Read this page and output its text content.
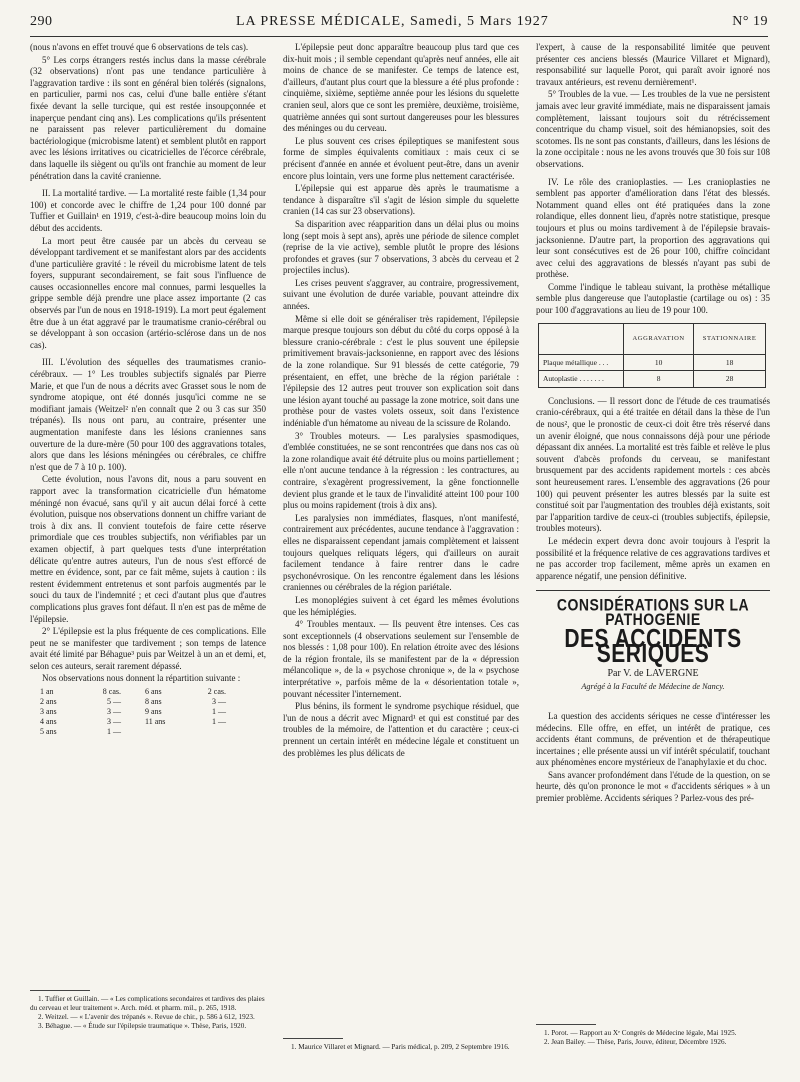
290	LA PRESSE MÉDICALE, Samedi, 5 Mars 1927	N° 19

(nous n'avons en effet trouvé que 6 observations de tels cas).

5° Les corps étrangers restés inclus dans la masse cérébrale (32 observations) n'ont pas une tendance particulière à l'aggravation tardive : ils sont en général bien tolérés (signalons, en particulier, parmi nos cas, celui d'une balle entière s'étant fixée devant la selle turcique, qui est restée insoupçonnée et inaperçue pendant cinq ans). Les complications qu'ils présentent ne paraissent pas relever particulièrement du domaine bactériologique (microbisme latent) et semblent plutôt en rapport avec les lésions irritatives ou cicatricielles de l'écorce cérébrale, dans laquelle ils siègent ou qu'ils ont franchie au moment de leur pénétration dans la cavité cranienne.

II. La mortalité tardive. — La mortalité reste faible (1,34 pour 100) et concorde avec le chiffre de 1,24 pour 100 donné par Tuffier et Guillain¹ en 1919, c'est-à-dire beaucoup moins loin du début des accidents.

La mort peut être causée par un abcès du cerveau se développant tardivement et se manifestant alors par des accidents d'une particulière gravité : le réveil du microbisme latent de tels foyers, suppurant secondairement, se fait sous l'influence de causes occasionnelles encore mal connues, parmi lesquelles la grippe semble déjà prendre une place assez importante (2 cas observés par l'un de nous en 1918-1919). La mort peut également être due à un état aggravé par le traumatisme cranio-cérébral ou se développant à son occasion (artério-sclérose dans un de nos cas).

III. L'évolution des séquelles des traumatismes cranio-cérébraux. — 1° Les troubles subjectifs signalés par Pierre Marie, et que l'un de nous a décrits avec Grasset sous le nom de syndrome atopique, ont été donnés jusqu'ici comme ne se modifiant jamais (Weitzel² n'en connaît que 2 ou 3 cas sur 350 trépanés). Ils nous ont paru, au contraire, présenter une augmentation manifeste dans les lésions craniennes sans ouverture de la dure-mère (50 pour 100 des aggravations totales, alors que dans les lésions méningées ou cérébrales, ce chiffre n'est que de 7 à 10 p. 100).

Cette évolution, nous l'avons dit, nous a paru souvent en rapport avec la transformation cicatricielle d'un hématome méningé non évacué, sans qu'il y ait aucun délai forcé à cette évolution, puisque nos observations donnent un chiffre variant de trois à dix ans. Il convient toutefois de faire cette réserve primordiale que ces troubles subjectifs, non vérifiables par un examen objectif, à part quelques tests d'une interprétation délicate qu'entre autres auteurs, l'un de nous s'est efforcé de mettre en évidence, sont, par ce fait même, sujets à caution : ils restent évidemment entretenus et sont parfois augmentés par le souci du taux de l'indemnité ; et ceci d'autant plus que d'autres complications plus graves font défaut. Il n'en est pas de même de l'épilepsie.

2° L'épilepsie est la plus fréquente de ces complications. Elle peut ne se manifester que tardivement ; son temps de latence avait été limité par Béhague³ puis par Weitzel à un an et demi, et, selon ces auteurs, serait rarement dépassé.

Nos observations nous donnent la répartition suivante :

1 an	8 cas.
2 ans	5 —
3 ans	3 —
4 ans	3 —
5 ans	1 —
6 ans	2 cas.
8 ans	3 —
9 ans	1 —
11 ans	1 —
1. Tuffier et Guillain. — « Les complications secondaires et tardives des plaies du cerveau et leur traitement ». Arch. méd. et pharm. mil., p. 265, 1918.
2. Weitzel. — « L'avenir des trépanés ». Revue de chir., p. 586 à 612, 1923.
3. Béhague. — « Étude sur l'épilepsie traumatique ». Thèse, Paris, 1920.

L'épilepsie peut donc apparaître beaucoup plus tard que ces dix-huit mois ; il semble cependant qu'après neuf années, elle ait moins de chance de se manifester. Ce temps de latence est, d'ailleurs, d'autant plus court que la blessure a été plus profonde : cinquième, sixième, septième année pour les lésions du squelette cranien seul, alors que ce sont les première, deuxième, troisième, quatrième années qui sont surtout dangereuses pour les blessures des méninges ou du cerveau.

Le plus souvent ces crises épileptiques se manifestent sous forme de simples équivalents comitiaux : mais ceux ci se précisent d'année en année et évoluent peut-être, dans un avenir encore plus lointain, vers une forme plus nettement caractérisée.

L'épilepsie qui est apparue dès après le traumatisme a tendance à disparaître s'il s'agit de lésion simple du squelette cranien (14 cas sur 23 observations).

Sa disparition avec réapparition dans un délai plus ou moins long (sept mois à sept ans), après une période de silence complet (reprise de la vie active), semble plutôt le propre des lésions profondes et graves (sur 7 observations, 3 abcès du cerveau et 2 projectiles inclus).

Les crises peuvent s'aggraver, au contraire, progressivement, suivant une évolution de durée variable, pouvant atteindre dix années.

Même si elle doit se généraliser très rapidement, l'épilepsie marque presque toujours son début du côté du corps opposé à la blessure cranio-cérébrale : c'est le plus souvent une épilepsie primitivement bravais-jacksonienne, en rapport avec des lésions de la zone rolandique. Sur 91 blessés de cette catégorie, 79 présentaient, en effet, une brèche de la région pariétale : l'épilepsie des 12 autres peut trouver son explication soit dans une lésion ayant touché au passage la zone motrice, soit dans une prothèse pour de vastes volets osseux, soit dans l'existence indéniable d'un hématome au niveau de la scissure de Rolando.

3° Troubles moteurs. — Les paralysies spasmodiques, d'emblée constituées, ne se sont rencontrées que dans nos cas où la zone rolandique avait été détruite plus ou moins partiellement ; elle n'ont aucune tendance à la régression : les contractures, au contraire, s'exagèrent progressivement, la gêne fonctionnelle devient plus grande et le taux de l'invalidité atteint 100 pour 100 plus ou moins rapidement (trois à dix ans).

Les paralysies non immédiates, flasques, n'ont manifesté, contrairement aux précédentes, aucune tendance à l'aggravation : elles ne disparaissent cependant jamais complètement et laissent toujours quelques reliquats légers, qui d'ailleurs on aurait facilement tendance à faire rentrer dans le cadre psychonévrosique. On les rencontre également dans les lésions craniennes ou cérébrales de la région pariétale.

Les monoplégies suivent à cet égard les mêmes évolutions que les hémiplégies.

4° Troubles mentaux. — Ils peuvent être intenses. Ces cas sont exceptionnels (4 observations seulement sur l'ensemble de nos blessés : 1,08 pour 100). En relation étroite avec des lésions de la région frontale, ils se manifestent par de la « dépression mélancolique », de la « psychose chronique », de la « psychose interprétative », parfois même de la « désorientation totale », pouvant nécessiter l'internement.

Plus bénins, ils forment le syndrome psychique résiduel, que l'un de nous a décrit avec Mignard¹ et qui est constitué par des troubles de la mémoire, de l'attention et du caractère ; ceux-ci prennent un certain intérêt en médecine légale et constituent un des problèmes les plus délicats de

1. Maurice Villaret et Mignard. — Paris médical, p. 209, 2 Septembre 1916.

l'expert, à cause de la responsabilité limitée que peuvent présenter ces anciens blessés (Maurice Villaret et Mignard), responsabilité sur laquelle Porot, qui paraît avoir ignoré nos travaux antérieurs, est revenu dernièrement¹.

5° Troubles de la vue. — Les troubles de la vue ne persistent jamais avec leur gravité immédiate, mais ne disparaissent jamais complètement, laissant toujours soit du rétrécissement concentrique du champ visuel, soit des hémianopsies, soit des scotomes. Ils ne sont pas constants, d'ailleurs, dans les lésions de la zone occipitale : nous ne les avons trouvés que 30 fois sur 108 observations.

IV. Le rôle des cranioplasties. — Les cranioplasties ne semblent pas apporter d'amélioration dans l'état des blessés. Notamment quand elles ont été pratiquées dans la zone rolandique, elles donnent lieu, d'après notre statistique, presque toujours et plus ou moins tardivement à de l'épilepsie bravais-jacksonienne. D'autre part, la proportion des aggravations qui leur sont consécutives est de 26 pour 100, chiffre coïncidant avec celui des aggravations de blessés n'ayant pas subi de prothèse.

Comme l'indique le tableau suivant, la prothèse métallique semble plus dangereuse que l'autoplastie (cartilage ou os) : 35 pour 100 d'aggravations au lieu de 19 pour 100.

	AGGRAVATION	STATIONNAIRE
Plaque métallique . . .	10	18
Autoplastie . . . . . . .	8	28

Conclusions. — Il ressort donc de l'étude de ces traumatisés cranio-cérébraux, qui a été traitée en détail dans la thèse de l'un de nous², que le pronostic de ceux-ci doit être très réservé dans un avenir éloigné, que nous connaissons déjà pour une période dépassant dix années. La mortalité est très faible et relève le plus souvent d'abcès profonds du cerveau, se manifestant brusquement par des accidents rapidement mortels : ces abcès sont heureusement rares. L'ensemble des aggravations (26 pour 100) qui peuvent présenter les autres blessés par la suite est constitué soit par l'augmentation des troubles déjà existants, soit par l'apparition tardive de ceux-ci (troubles subjectifs, épilepsie, troubles moteurs).

Le médecin expert devra donc avoir toujours à l'esprit la possibilité et la fréquence relative de ces aggravations tardives et ne pas accorder trop facilement, même après un examen en apparence négatif, une pension définitive.

CONSIDÉRATIONS SUR LA PATHOGÉNIE
DES ACCIDENTS SÉRIQUES
Par V. de LAVERGNE
Agrégé à la Faculté de Médecine de Nancy.

La question des accidents sériques ne cesse d'intéresser les médecins. Elle offre, en effet, un intérêt de pratique, ces accidents étant communs, de prévention et de thérapeutique incertaines ; elle présente aussi un vif intérêt spéculatif, touchant aux phénomènes encore mystérieux de l'anaphylaxie et du choc.

Sans avancer profondément dans l'étude de la question, on se heurte, dès qu'on prononce le mot « d'accidents sériques » à un premier problème. Accidents sériques ? Parlez-vous des pré-

1. Porot. — Rapport au Xᵉ Congrès de Médecine légale, Mai 1925.
2. Jean Bailey. — Thèse, Paris, Jouve, éditeur, Décembre 1926.
